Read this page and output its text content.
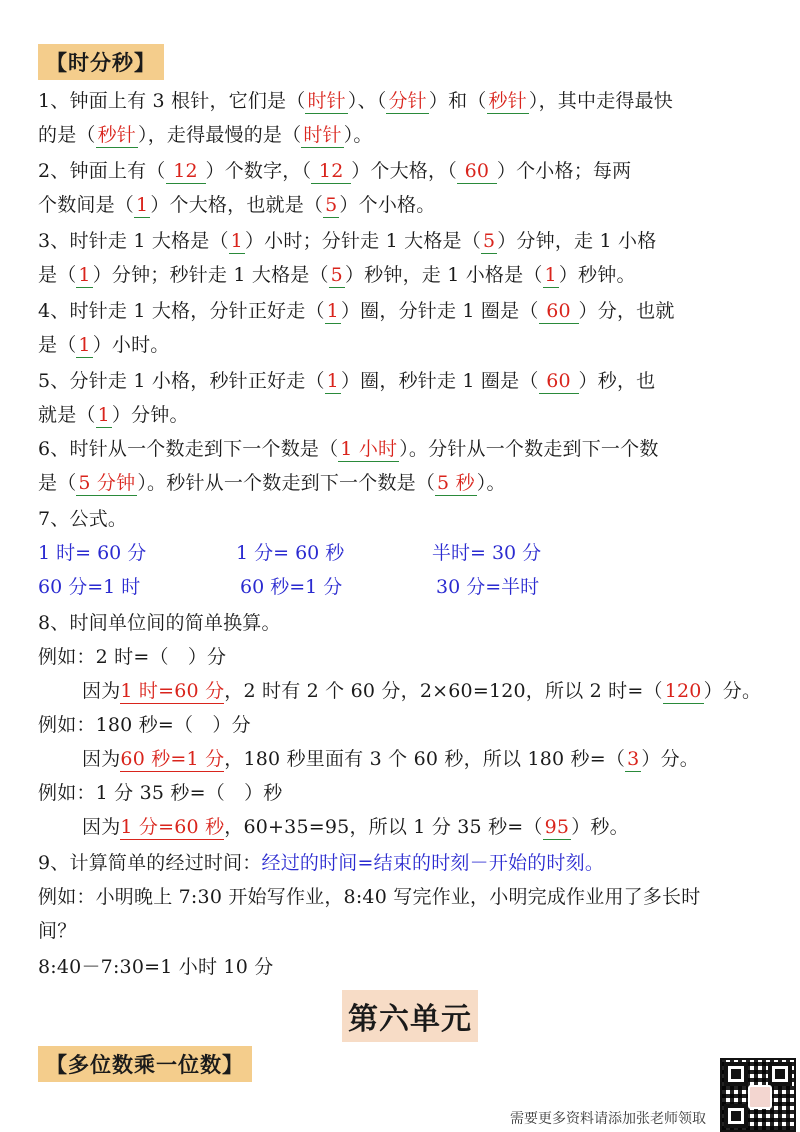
【时分秒】
1、钟面上有 3 根针，它们是（ 时针 ）、（ 分针 ）和（ 秒针 ），其中走得最快
的是（ 秒针 ），走得最慢的是（ 时针 ）。
2、钟面上有（ 12 ）个数字，（ 12 ）个大格，（ 60 ）个小格；每两
个数间是（ 1 ）个大格，也就是（ 5 ）个小格。
3、时针走 1 大格是（ 1 ）小时；分针走 1 大格是（ 5 ）分钟，走 1 小格
是（ 1 ）分钟；秒针走 1 大格是（ 5 ）秒钟，走 1 小格是（ 1 ）秒钟。
4、时针走 1 大格，分针正好走（ 1 ）圈，分针走 1 圈是（ 60 ）分，也就
是（ 1 ）小时。
5、分针走 1 小格，秒针正好走（ 1 ）圈，秒针走 1 圈是（ 60 ）秒，也
就是（ 1 ）分钟。
6、时针从一个数走到下一个数是（ 1 小时 ）。分针从一个数走到下一个数
是（ 5 分钟 ）。秒针从一个数走到下一个数是（ 5 秒 ）。
7、公式。
1 时= 60 分	1 分= 60 秒	半时= 30 分
60 分=1 时	60 秒=1 分	30 分=半时
8、时间单位间的简单换算。
例如：2 时=（　）分
因为1 时=60 分，2 时有 2 个 60 分，2×60=120，所以 2 时=（ 120 ）分。
例如：180 秒=（　）分
因为60 秒=1 分，180 秒里面有 3 个 60 秒，所以 180 秒=（ 3 ）分。
例如：1 分 35 秒=（　）秒
因为1 分=60 秒，60+35=95，所以 1 分 35 秒=（ 95 ）秒。
9、计算简单的经过时间：经过的时间=结束的时刻－开始的时刻。
例如：小明晚上 7:30 开始写作业，8:40 写完作业，小明完成作业用了多长时
间？
8:40－7:30=1 小时 10 分
第六单元
【多位数乘一位数】
需要更多资料请添加张老师领取
